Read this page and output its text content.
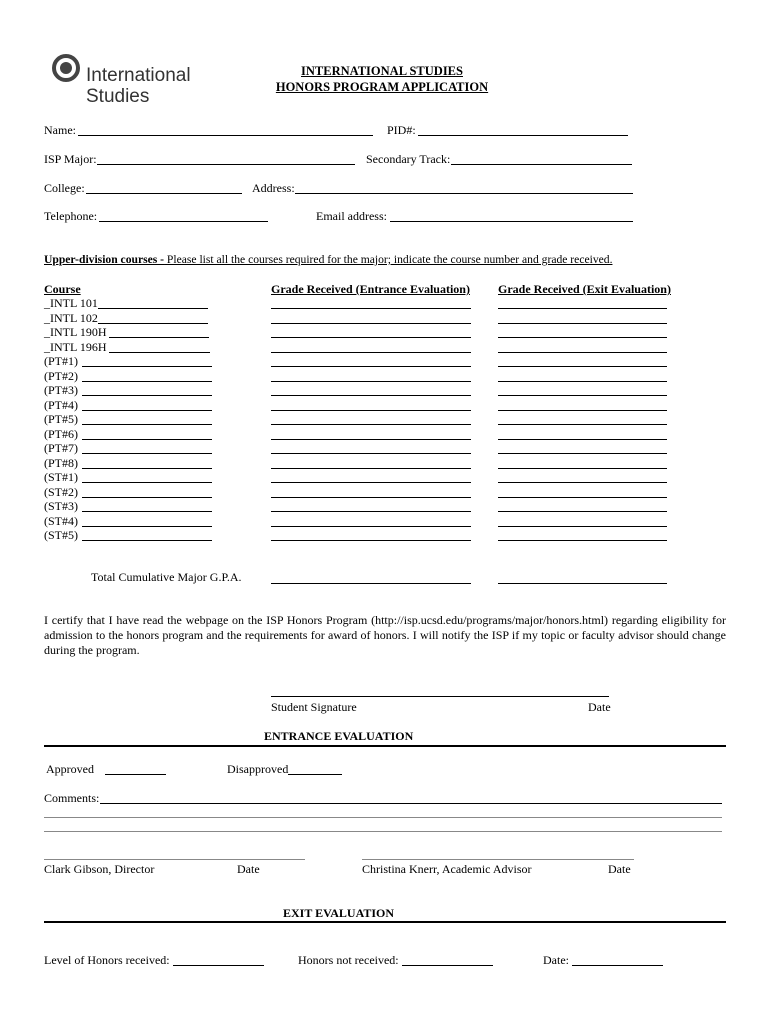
International
Studies
INTERNATIONAL STUDIES
HONORS PROGRAM APPLICATION
Name:	PID#:
ISP Major:	Secondary Track:
College:	Address:
Telephone:	Email address:
Upper-division courses - Please list all the courses required for the major; indicate the course number and grade received.
Course	Grade Received (Entrance Evaluation) Grade Received (Exit Evaluation)
_INTL 101
_INTL 102
_INTL 190H
_INTL 196H
(PT#1)
(PT#2)
(PT#3)
(PT#4)
(PT#5)
(PT#6)
(PT#7)
(PT#8)
(ST#1)
(ST#2)
(ST#3)
(ST#4)
(ST#5)
Total Cumulative Major G.P.A.
I certify that I have read the webpage on the ISP Honors Program (http://isp.ucsd.edu/programs/major/honors.html) regarding eligibility for admission to the honors program and the requirements for award of honors. I will notify the ISP if my topic or faculty advisor should change during the program.
Student Signature	Date
ENTRANCE EVALUATION
Approved	Disapproved
Comments:
Clark Gibson, Director	Date	Christina Knerr, Academic Advisor	Date
EXIT EVALUATION
Level of Honors received:	Honors not received:	Date:
